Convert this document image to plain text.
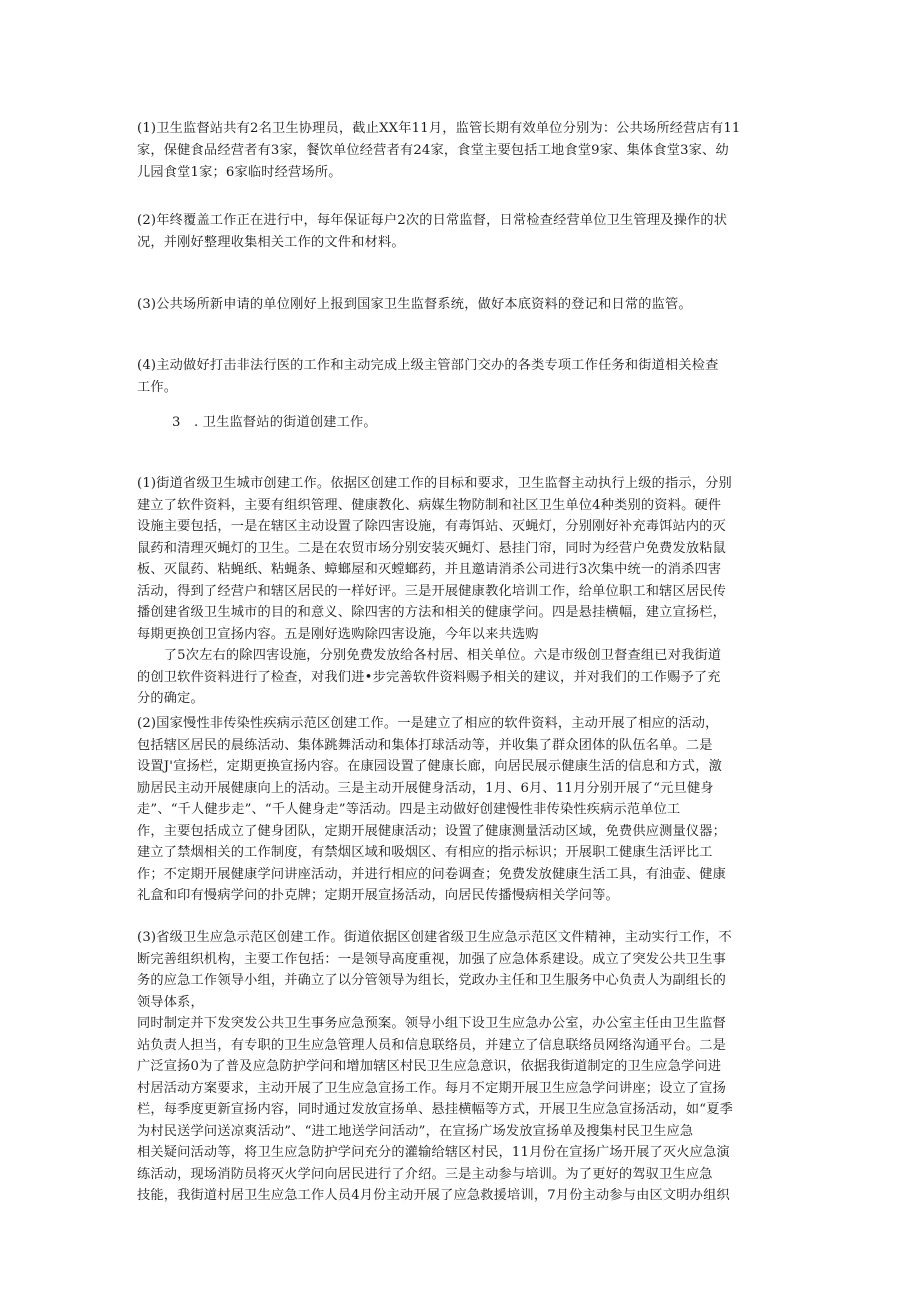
(1)卫生监督站共有2名卫生协理员，截止XX年11月，监管长期有效单位分别为：公共场所经营店有11
家，保健食品经营者有3家，餐饮单位经营者有24家，食堂主要包括工地食堂9家、集体食堂3家、幼
儿园食堂1家；6家临时经营场所。
(2)年终覆盖工作正在进行中，每年保证每户2次的日常监督，日常检查经营单位卫生管理及操作的状
况，并刚好整理收集相关工作的文件和材料。
(3)公共场所新申请的单位刚好上报到国家卫生监督系统，做好本底资料的登记和日常的监管。
(4)主动做好打击非法行医的工作和主动完成上级主管部门交办的各类专项工作任务和街道相关检查
工作。
3　. 卫生监督站的街道创建工作。
(1)街道省级卫生城市创建工作。依据区创建工作的目标和要求，卫生监督主动执行上级的指示，分别
建立了软件资料，主要有组织管理、健康教化、病媒生物防制和社区卫生单位4种类别的资料。硬件
设施主要包括，一是在辖区主动设置了除四害设施，有毒饵站、灭蝇灯，分别刚好补充毒饵站内的灭
鼠药和清理灭蝇灯的卫生。二是在农贸市场分别安装灭蝇灯、悬挂门帘，同时为经营户免费发放粘鼠
板、灭鼠药、粘蝇纸、粘蝇条、蟑螂屋和灭螳螂药，并且邀请消杀公司进行3次集中统一的消杀四害
活动，得到了经营户和辖区居民的一样好评。三是开展健康教化培训工作，给单位职工和辖区居民传
播创建省级卫生城市的目的和意义、除四害的方法和相关的健康学问。四是悬挂横幅，建立宣扬栏，
每期更换创卫宣扬内容。五是刚好选购除四害设施，今年以来共选购
　　了5次左右的除四害设施，分别免费发放给各村居、相关单位。六是市级创卫督查组已对我街道
的创卫软件资料进行了检查，对我们进•步完善软件资料赐予相关的建议，并对我们的工作赐予了充
分的确定。
(2)国家慢性非传染性疾病示范区创建工作。一是建立了相应的软件资料，主动开展了相应的活动，
包括辖区居民的晨练活动、集体跳舞活动和集体打球活动等，并收集了群众团体的队伍名单。二是
设置J'宣扬栏，定期更换宣扬内容。在康园设置了健康长廊，向居民展示健康生活的信息和方式，激
励居民主动开展健康向上的活动。三是主动开展健身活动，1月、6月、11月分别开展了“元旦健身
走”、“千人健步走”、“千人健身走”等活动。四是主动做好创建慢性非传染性疾病示范单位工
作，主要包括成立了健身团队，定期开展健康活动；设置了健康测量活动区域，免费供应测量仪器；
建立了禁烟相关的工作制度，有禁烟区域和吸烟区、有相应的指示标识；开展职工健康生活评比工
作；不定期开展健康学问讲座活动，并进行相应的问卷调查；免费发放健康生活工具，有油壶、健康
礼盒和印有慢病学问的扑克牌；定期开展宣扬活动，向居民传播慢病相关学问等。
(3)省级卫生应急示范区创建工作。街道依据区创建省级卫生应急示范区文件精神，主动实行工作，不
断完善组织机构，主要工作包括：一是领导高度重视，加强了应急体系建设。成立了突发公共卫生事
务的应急工作领导小组，并确立了以分管领导为组长，党政办主任和卫生服务中心负责人为副组长的
领导体系，
同时制定并下发突发公共卫生事务应急预案。领导小组下设卫生应急办公室，办公室主任由卫生监督
站负责人担当，有专职的卫生应急管理人员和信息联络员，并建立了信息联络员网络沟通平台。二是
广泛宣扬0为了普及应急防护学问和增加辖区村民卫生应急意识，依据我街道制定的卫生应急学问进
村居活动方案要求，主动开展了卫生应急宣扬工作。每月不定期开展卫生应急学问讲座；设立了宣扬
栏，每季度更新宣扬内容，同时通过发放宣扬单、悬挂横幅等方式，开展卫生应急宣扬活动，如“夏季
为村民送学问送凉爽活动”、“进工地送学问活动”，在宣扬广场发放宣扬单及搜集村民卫生应急
相关疑问活动等，将卫生应急防护学问充分的灌输给辖区村民，11月份在宣扬广场开展了灭火应急演
练活动，现场消防员将灭火学问向居民进行了介绍。三是主动参与培训。为了更好的驾驭卫生应急
技能，我街道村居卫生应急工作人员4月份主动开展了应急救援培训，7月份主动参与由区文明办组织
